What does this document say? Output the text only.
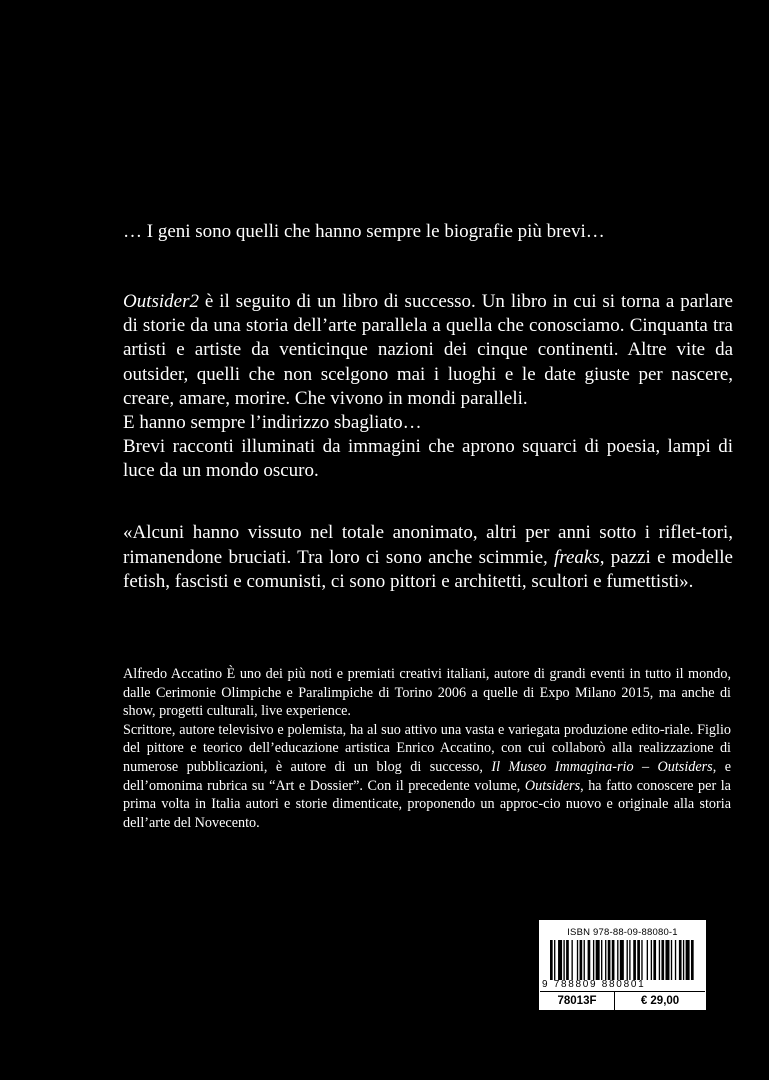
… I geni sono quelli che hanno sempre le biografie più brevi…

Outsider2 è il seguito di un libro di successo. Un libro in cui si torna a parlare di storie da una storia dell’arte parallela a quella che conosciamo. Cinquanta tra artisti e artiste da venticinque nazioni dei cinque continenti. Altre vite da outsider, quelli che non scelgono mai i luoghi e le date giuste per nascere, creare, amare, morire. Che vivono in mondi paralleli.

E hanno sempre l’indirizzo sbagliato…

Brevi racconti illuminati da immagini che aprono squarci di poesia, lampi di luce da un mondo oscuro.

«Alcuni hanno vissuto nel totale anonimato, altri per anni sotto i riflet-tori, rimanendone bruciati. Tra loro ci sono anche scimmie, freaks, pazzi e modelle fetish, fascisti e comunisti, ci sono pittori e architetti, scultori e fumettisti».

Alfredo Accatino È uno dei più noti e premiati creativi italiani, autore di grandi eventi in tutto il mondo, dalle Cerimonie Olimpiche e Paralimpiche di Torino 2006 a quelle di Expo Milano 2015, ma anche di show, progetti culturali, live experience.

Scrittore, autore televisivo e polemista, ha al suo attivo una vasta e variegata produzione edito-riale. Figlio del pittore e teorico dell’educazione artistica Enrico Accatino, con cui collaborò alla realizzazione di numerose pubblicazioni, è autore di un blog di successo, Il Museo Immagina-rio – Outsiders, e dell’omonima rubrica su “Art e Dossier”. Con il precedente volume, Outsiders, ha fatto conoscere per la prima volta in Italia autori e storie dimenticate, proponendo un approc-cio nuovo e originale alla storia dell’arte del Novecento.

ISBN 978-88-09-88080-1
9 788809 880801
78013F	€ 29,00
